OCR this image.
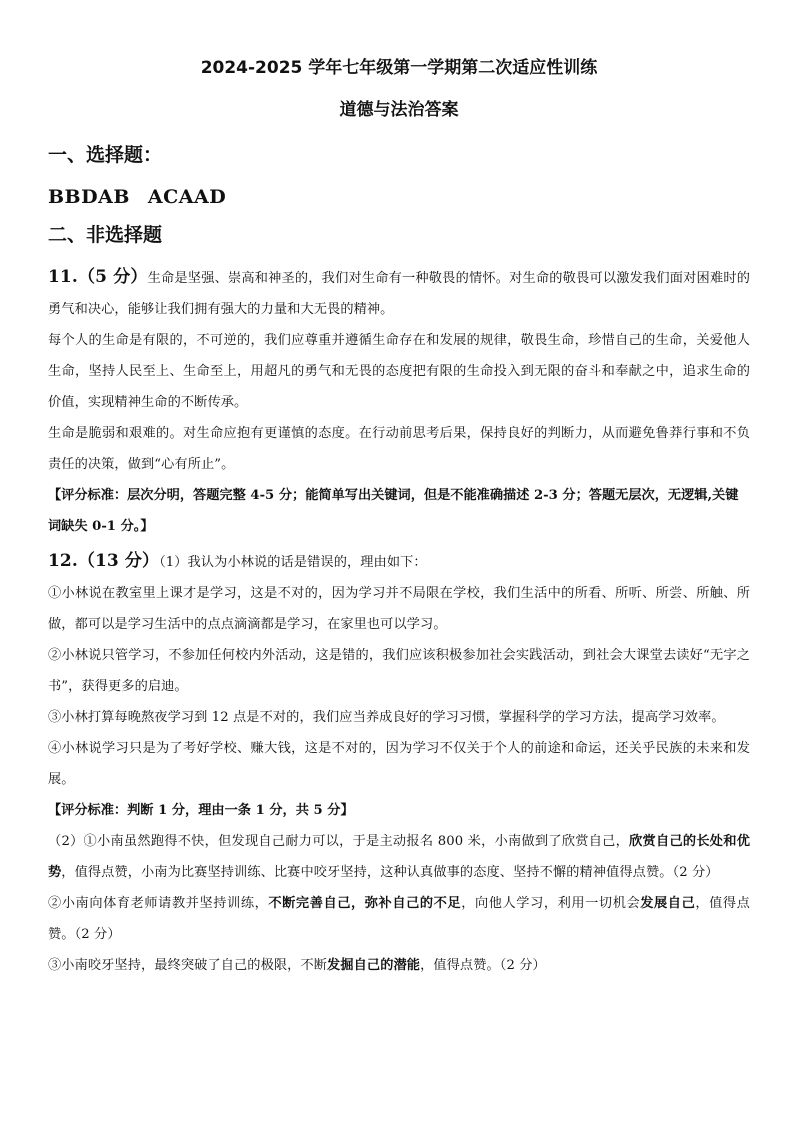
2024-2025 学年七年级第一学期第二次适应性训练
道德与法治答案
一、选择题：
BBDAB ACAAD
二、非选择题
11.（5 分）生命是坚强、崇高和神圣的，我们对生命有一种敬畏的情怀。对生命的敬畏可以激发我们面对困难时的勇气和决心，能够让我们拥有强大的力量和大无畏的精神。
每个人的生命是有限的，不可逆的，我们应尊重并遵循生命存在和发展的规律，敬畏生命，珍惜自己的生命，关爱他人生命，坚持人民至上、生命至上，用超凡的勇气和无畏的态度把有限的生命投入到无限的奋斗和奉献之中，追求生命的价值，实现精神生命的不断传承。
生命是脆弱和艰难的。对生命应抱有更谨慎的态度。在行动前思考后果，保持良好的判断力，从而避免鲁莽行事和不负责任的决策，做到“心有所止”。
【评分标准：层次分明，答题完整 4-5 分；能简单写出关键词，但是不能准确描述 2-3 分；答题无层次，无逻辑,关键词缺失 0-1 分。】
12.（13 分）（1）我认为小林说的话是错误的，理由如下：
①小林说在教室里上课才是学习，这是不对的，因为学习并不局限在学校，我们生活中的所看、所听、所尝、所触、所做，都可以是学习生活中的点点滴滴都是学习，在家里也可以学习。
②小林说只管学习，不参加任何校内外活动，这是错的，我们应该积极参加社会实践活动，到社会大课堂去读好“无字之书”，获得更多的启迪。
③小林打算每晚熬夜学习到 12 点是不对的，我们应当养成良好的学习习惯，掌握科学的学习方法，提高学习效率。
④小林说学习只是为了考好学校、赚大钱，这是不对的，因为学习不仅关于个人的前途和命运，还关乎民族的未来和发展。
【评分标准：判断 1 分，理由一条 1 分，共 5 分】
（2）①小南虽然跑得不快，但发现自己耐力可以，于是主动报名 800 米，小南做到了欣赏自己，欣赏自己的长处和优势，值得点赞，小南为比赛坚持训练、比赛中咬牙坚持，这种认真做事的态度、坚持不懈的精神值得点赞。（2 分）
②小南向体育老师请教并坚持训练，不断完善自己，弥补自己的不足，向他人学习，利用一切机会发展自己，值得点赞。（2 分）
③小南咬牙坚持，最终突破了自己的极限，不断发掘自己的潜能，值得点赞。（2 分）
